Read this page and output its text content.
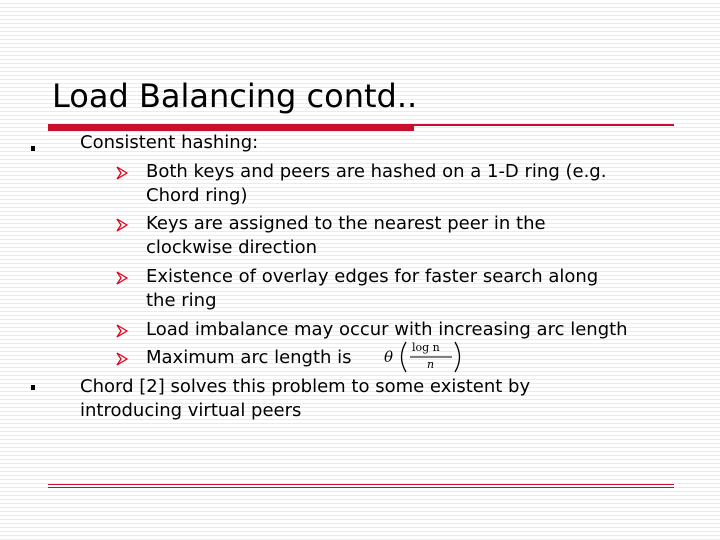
Load Balancing contd..
Consistent hashing:
Both keys and peers are hashed on a 1-D ring (e.g.
Chord ring)
Keys are assigned to the nearest peer in the
clockwise direction
Existence of overlay edges for faster search along
the ring
Load imbalance may occur with increasing arc length
Maximum arc length is θ
log n
n
Chord [2] solves this problem to some existent by
introducing virtual peers
